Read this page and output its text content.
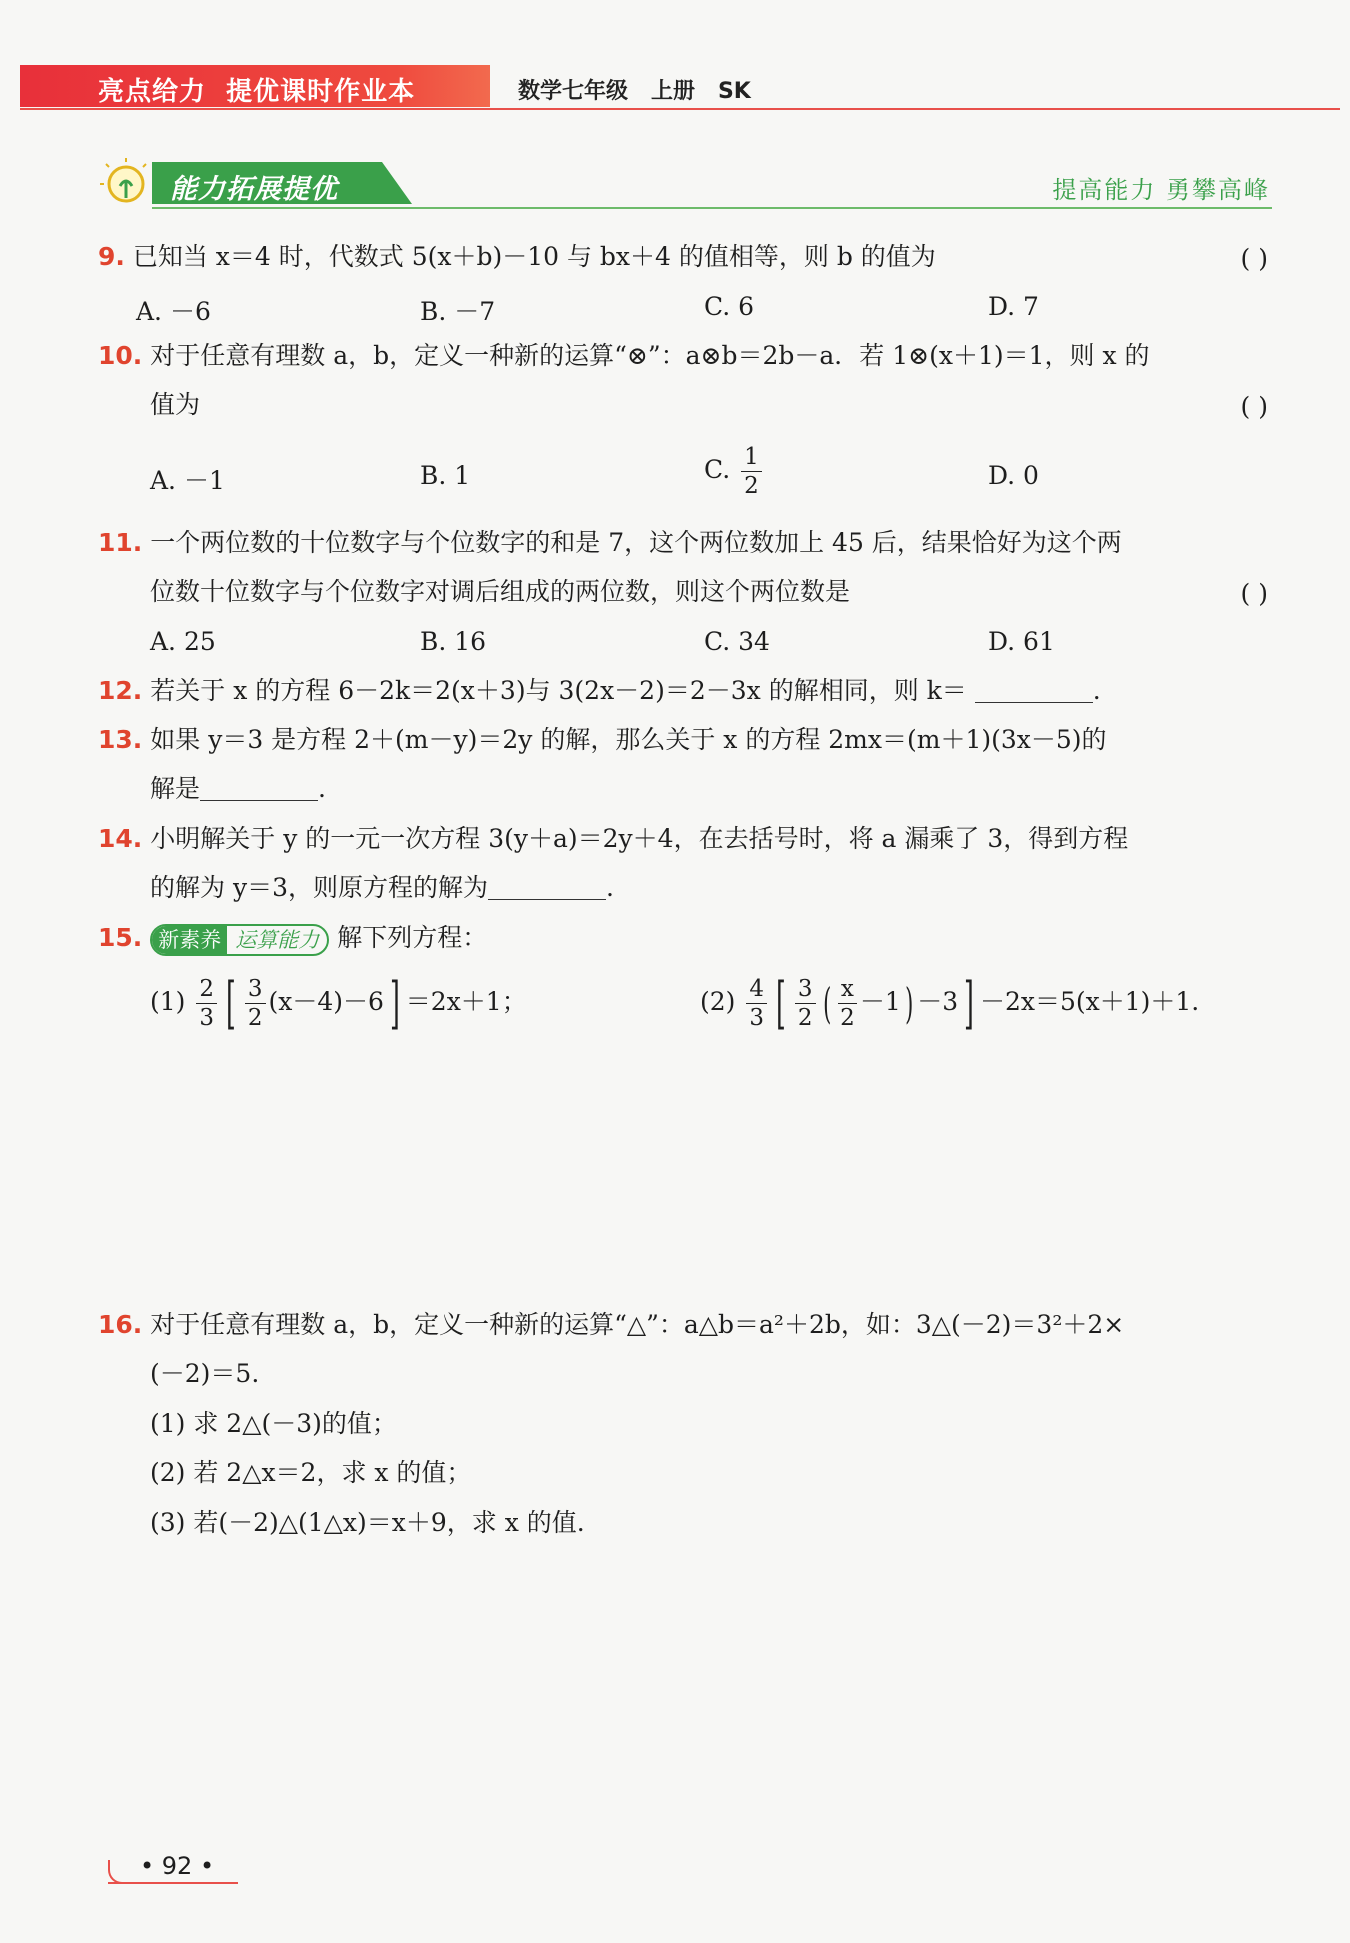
亮点给力  提优课时作业本	数学七年级   上册   SK
能力拓展提优	提高能力 勇攀高峰
9. 已知当 x＝4 时，代数式 5(x＋b)－10 与 bx＋4 的值相等，则 b 的值为	( )
A. －6	B. －7	C. 6	D. 7
10. 对于任意有理数 a，b，定义一种新的运算“⊗”：a⊗b＝2b－a．若 1⊗(x＋1)＝1，则 x 的
值为	( )
A. －1	B. 1	C. $\frac{1}{2}$	D. 0
11. 一个两位数的十位数字与个位数字的和是 7，这个两位数加上 45 后，结果恰好为这个两
位数十位数字与个位数字对调后组成的两位数，则这个两位数是	( )
A. 25	B. 16	C. 34	D. 61
12. 若关于 x 的方程 6－2k＝2(x＋3)与 3(2x－2)＝2－3x 的解相同，则 k＝	.
13. 如果 y＝3 是方程 2＋(m－y)＝2y 的解，那么关于 x 的方程 2mx＝(m＋1)(3x－5)的
解是	.
14. 小明解关于 y 的一元一次方程 3(y＋a)＝2y＋4，在去括号时，将 a 漏乘了 3，得到方程
的解为 y＝3，则原方程的解为	.
15. 新素养 运算能力 解下列方程：
$(1) \frac{2}{3}$ [ $\frac{3}{2} (x-4)-6$ ] ＝2x＋1；	$(2) \frac{4}{3}$ [ $\frac{3}{2}$ ( $\frac{x}{2} -1) -3$ ] －2x＝5(x＋1)＋1.
16. 对于任意有理数 a，b，定义一种新的运算“△”：a△b＝a²＋2b，如：3△(－2)＝3²＋2×
(－2)＝5.
(1) 求 2△(－3)的值；
(2) 若 2△x＝2，求 x 的值；
(3) 若(－2)△(1△x)＝x＋9，求 x 的值.
• 92 •
